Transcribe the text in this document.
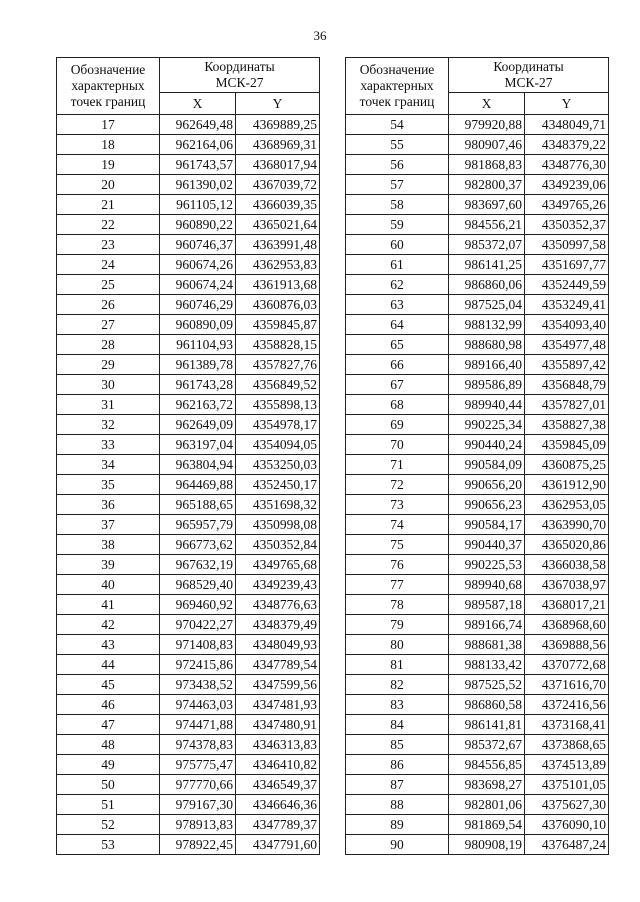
36
Обозначение
характерных
точек границ	Координаты
МСК-27	
	X	Y
17	962649,48	4369889,25
18	962164,06	4368969,31
19	961743,57	4368017,94
20	961390,02	4367039,72
21	961105,12	4366039,35
22	960890,22	4365021,64
23	960746,37	4363991,48
24	960674,26	4362953,83
25	960674,24	4361913,68
26	960746,29	4360876,03
27	960890,09	4359845,87
28	961104,93	4358828,15
29	961389,78	4357827,76
30	961743,28	4356849,52
31	962163,72	4355898,13
32	962649,09	4354978,17
33	963197,04	4354094,05
34	963804,94	4353250,03
35	964469,88	4352450,17
36	965188,65	4351698,32
37	965957,79	4350998,08
38	966773,62	4350352,84
39	967632,19	4349765,68
40	968529,40	4349239,43
41	969460,92	4348776,63
42	970422,27	4348379,49
43	971408,83	4348049,93
44	972415,86	4347789,54
45	973438,52	4347599,56
46	974463,03	4347481,93
47	974471,88	4347480,91
48	974378,83	4346313,83
49	975775,47	4346410,82
50	977770,66	4346549,37
51	979167,30	4346646,36
52	978913,83	4347789,37
53	978922,45	4347791,60
Обозначение
характерных
точек границ	Координаты
МСК-27	
	X	Y
54	979920,88	4348049,71
55	980907,46	4348379,22
56	981868,83	4348776,30
57	982800,37	4349239,06
58	983697,60	4349765,26
59	984556,21	4350352,37
60	985372,07	4350997,58
61	986141,25	4351697,77
62	986860,06	4352449,59
63	987525,04	4353249,41
64	988132,99	4354093,40
65	988680,98	4354977,48
66	989166,40	4355897,42
67	989586,89	4356848,79
68	989940,44	4357827,01
69	990225,34	4358827,38
70	990440,24	4359845,09
71	990584,09	4360875,25
72	990656,20	4361912,90
73	990656,23	4362953,05
74	990584,17	4363990,70
75	990440,37	4365020,86
76	990225,53	4366038,58
77	989940,68	4367038,97
78	989587,18	4368017,21
79	989166,74	4368968,60
80	988681,38	4369888,56
81	988133,42	4370772,68
82	987525,52	4371616,70
83	986860,58	4372416,56
84	986141,81	4373168,41
85	985372,67	4373868,65
86	984556,85	4374513,89
87	983698,27	4375101,05
88	982801,06	4375627,30
89	981869,54	4376090,10
90	980908,19	4376487,24
